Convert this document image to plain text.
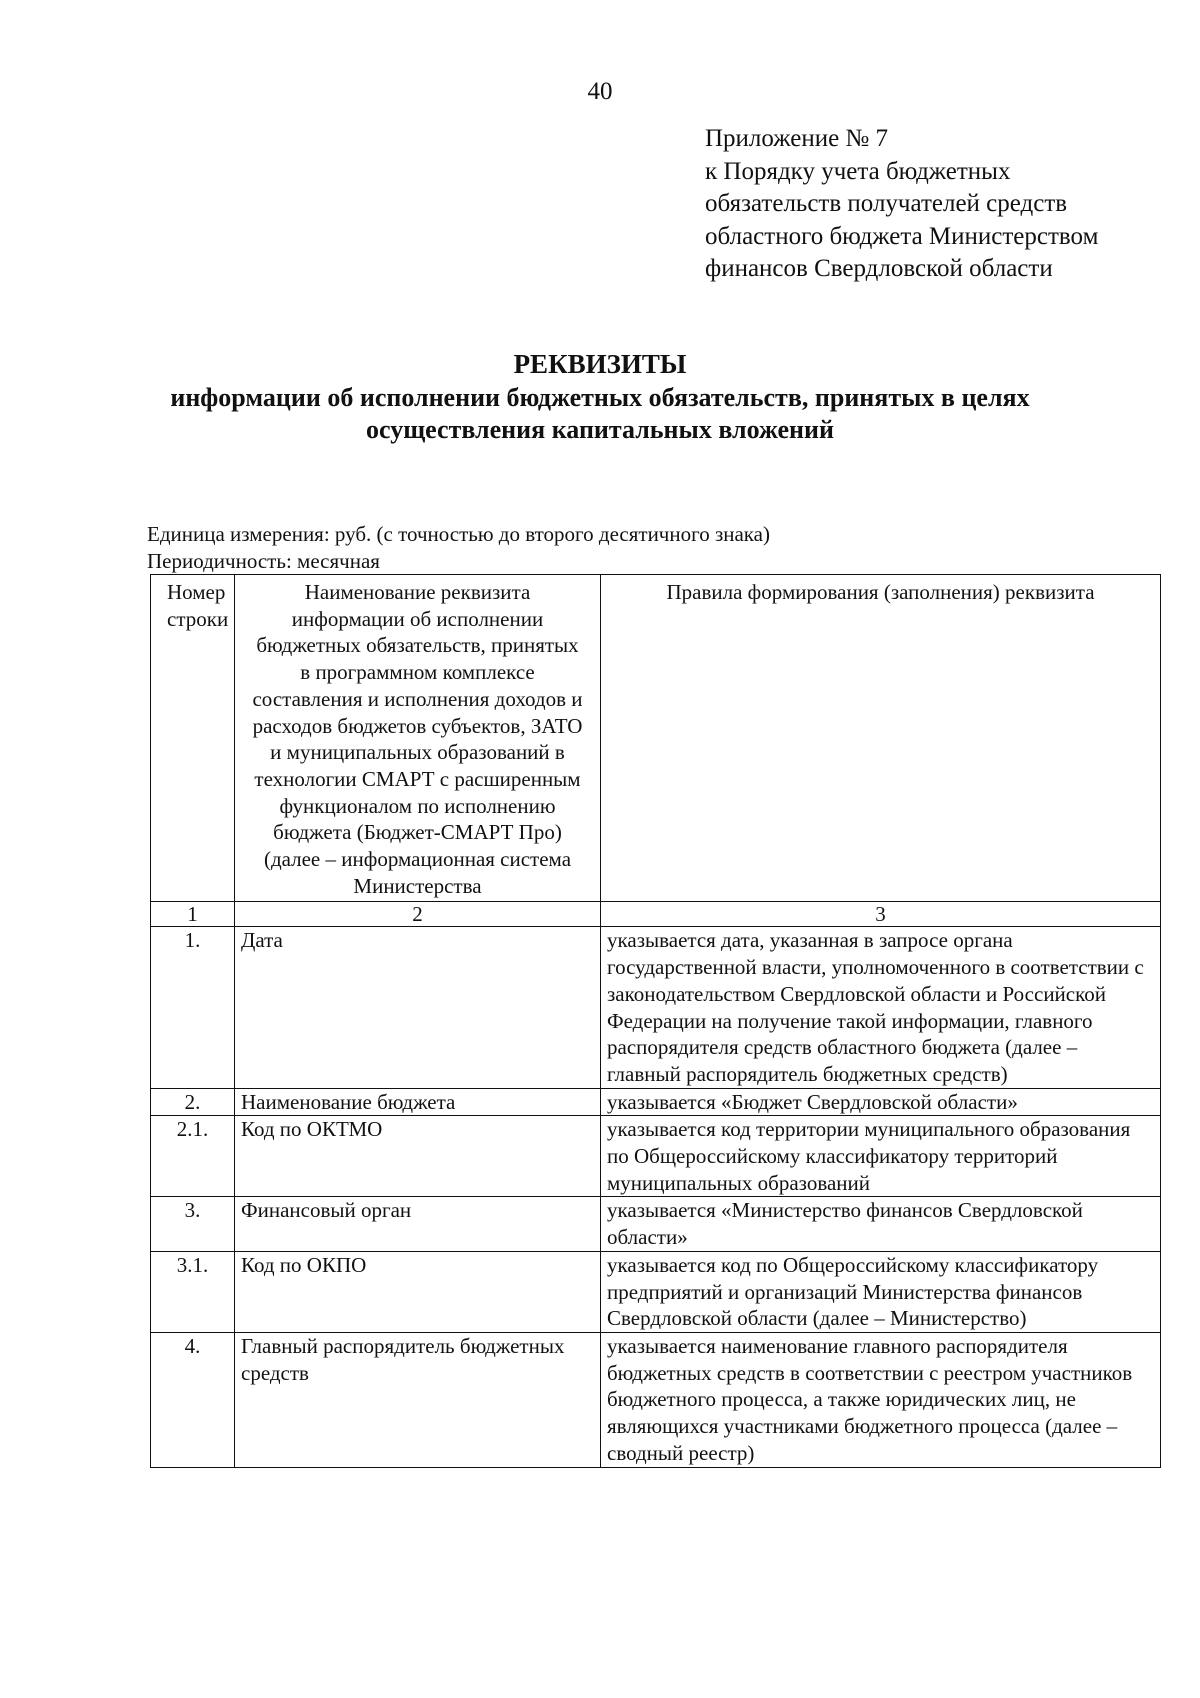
40
Приложение № 7
к Порядку учета бюджетных
обязательств получателей средств
областного бюджета Министерством
финансов Свердловской области
РЕКВИЗИТЫ
информации об исполнении бюджетных обязательств, принятых в целях
осуществления капитальных вложений
Единица измерения: руб. (с точностью до второго десятичного знака)
Периодичность: месячная
Номер строки	Наименование реквизита информации об исполнении бюджетных обязательств, принятых в программном комплексе составления и исполнения доходов и расходов бюджетов субъектов, ЗАТО и муниципальных образований в технологии СМАРТ с расширенным функционалом по исполнению бюджета (Бюджет-СМАРТ Про) (далее – информационная система Министерства	Правила формирования (заполнения) реквизита
1	2	3
1.	Дата	указывается дата, указанная в запросе органа государственной власти, уполномоченного в соответствии с законодательством Свердловской области и Российской Федерации на получение такой информации, главного распорядителя средств областного бюджета (далее – главный распорядитель бюджетных средств)
2.	Наименование бюджета	указывается «Бюджет Свердловской области»
2.1.	Код по ОКТМО	указывается код территории муниципального образования по Общероссийскому классификатору территорий муниципальных образований
3.	Финансовый орган	указывается «Министерство финансов Свердловской области»
3.1.	Код по ОКПО	указывается код по Общероссийскому классификатору предприятий и организаций Министерства финансов Свердловской области (далее – Министерство)
4.	Главный распорядитель бюджетных средств	указывается наименование главного распорядителя бюджетных средств в соответствии с реестром участников бюджетного процесса, а также юридических лиц, не являющихся участниками бюджетного процесса (далее – сводный реестр)
